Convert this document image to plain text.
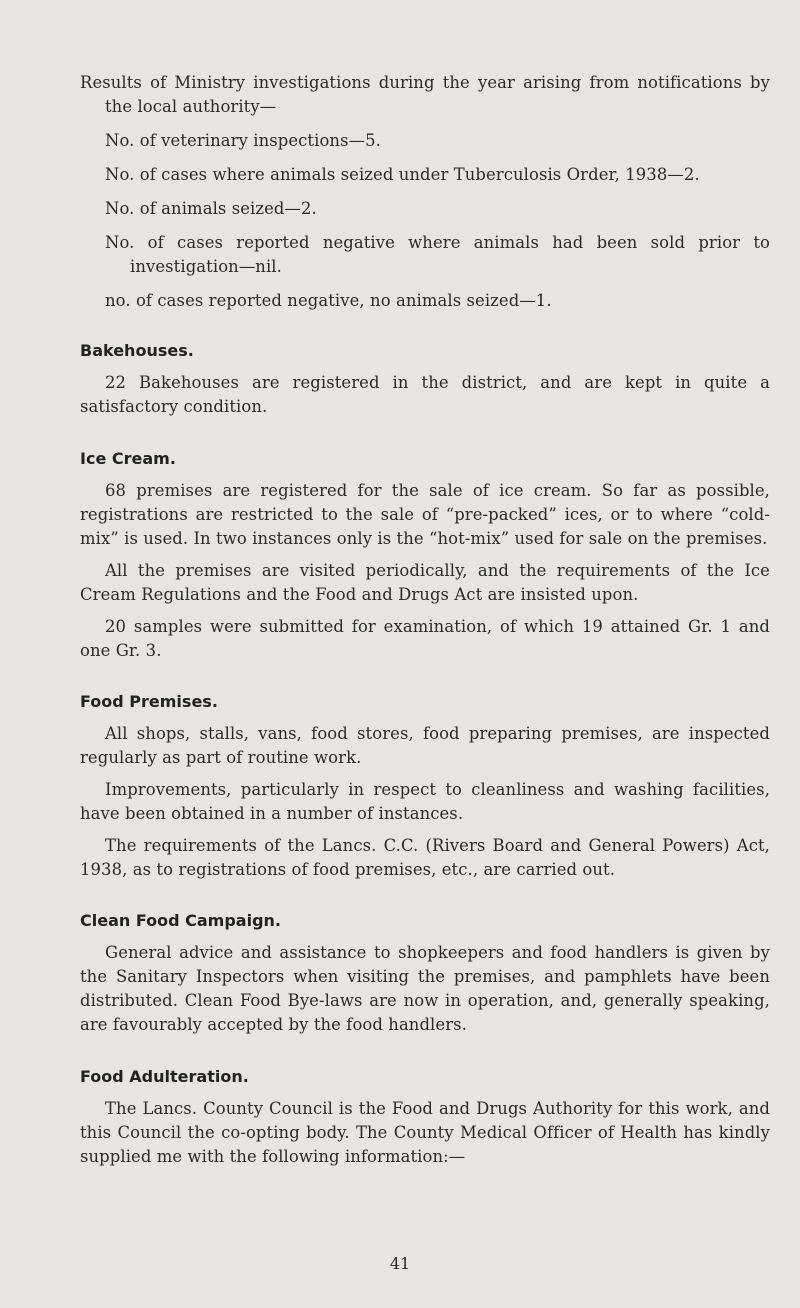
Results of Ministry investigations during the year arising from notifications by the local authority—

No. of veterinary inspections—5.

No. of cases where animals seized under Tuberculosis Order, 1938—2.

No. of animals seized—2.

No. of cases reported negative where animals had been sold prior to investigation—nil.

no. of cases reported negative, no animals seized—1.

Bakehouses.

22 Bakehouses are registered in the district, and are kept in quite a satisfactory condition.

Ice Cream.

68 premises are registered for the sale of ice cream. So far as possible, registrations are restricted to the sale of “pre-packed” ices, or to where “cold-mix” is used. In two instances only is the “hot-mix” used for sale on the premises.

All the premises are visited periodically, and the requirements of the Ice Cream Regulations and the Food and Drugs Act are insisted upon.

20 samples were submitted for examination, of which 19 attained Gr. 1 and one Gr. 3.

Food Premises.

All shops, stalls, vans, food stores, food preparing premises, are inspected regularly as part of routine work.

Improvements, particularly in respect to cleanliness and washing facilities, have been obtained in a number of instances.

The requirements of the Lancs. C.C. (Rivers Board and General Powers) Act, 1938, as to registrations of food premises, etc., are carried out.

Clean Food Campaign.

General advice and assistance to shopkeepers and food handlers is given by the Sanitary Inspectors when visiting the premises, and pamphlets have been distributed. Clean Food Bye-laws are now in operation, and, generally speaking, are favourably accepted by the food handlers.

Food Adulteration.

The Lancs. County Council is the Food and Drugs Authority for this work, and this Council the co-opting body. The County Medical Officer of Health has kindly supplied me with the following information:—

41
